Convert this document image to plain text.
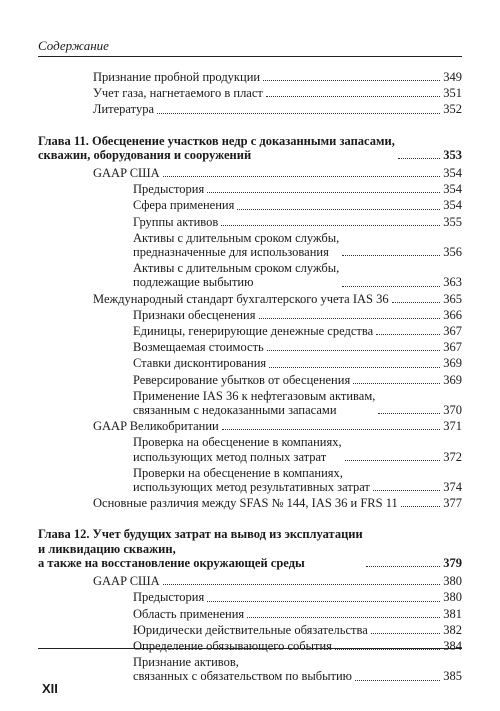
Содержание
Признание пробной продукции	349
Учет газа, нагнетаемого в пласт	351
Литература	352
Глава 11. Обесценение участков недр с доказанными запасами,
скважин, оборудования и сооружений	353
GAAP США	354
Предыстория	354
Сфера применения	354
Группы активов	355
Активы с длительным сроком службы,
предназначенные для использования	356
Активы с длительным сроком службы,
подлежащие выбытию	363
Международный стандарт бухгалтерского учета IAS 36	365
Признаки обесценения	366
Единицы, генерирующие денежные средства	367
Возмещаемая стоимость	367
Ставки дисконтирования	369
Реверсирование убытков от обесценения	369
Применение IAS 36 к нефтегазовым активам,
связанным с недоказанными запасами	370
GAAP Великобритании	371
Проверка на обесценение в компаниях,
использующих метод полных затрат	372
Проверки на обесценение в компаниях,
использующих метод результативных затрат	374
Основные различия между SFAS № 144, IAS 36 и FRS 11	377
Глава 12. Учет будущих затрат на вывод из эксплуатации
и ликвидацию скважин,
а также на восстановление окружающей среды	379
GAAP США	380
Предыстория	380
Область применения	381
Юридически действительные обязательства	382
Определение обязывающего события	384
Признание активов,
связанных с обязательством по выбытию	385
XII
